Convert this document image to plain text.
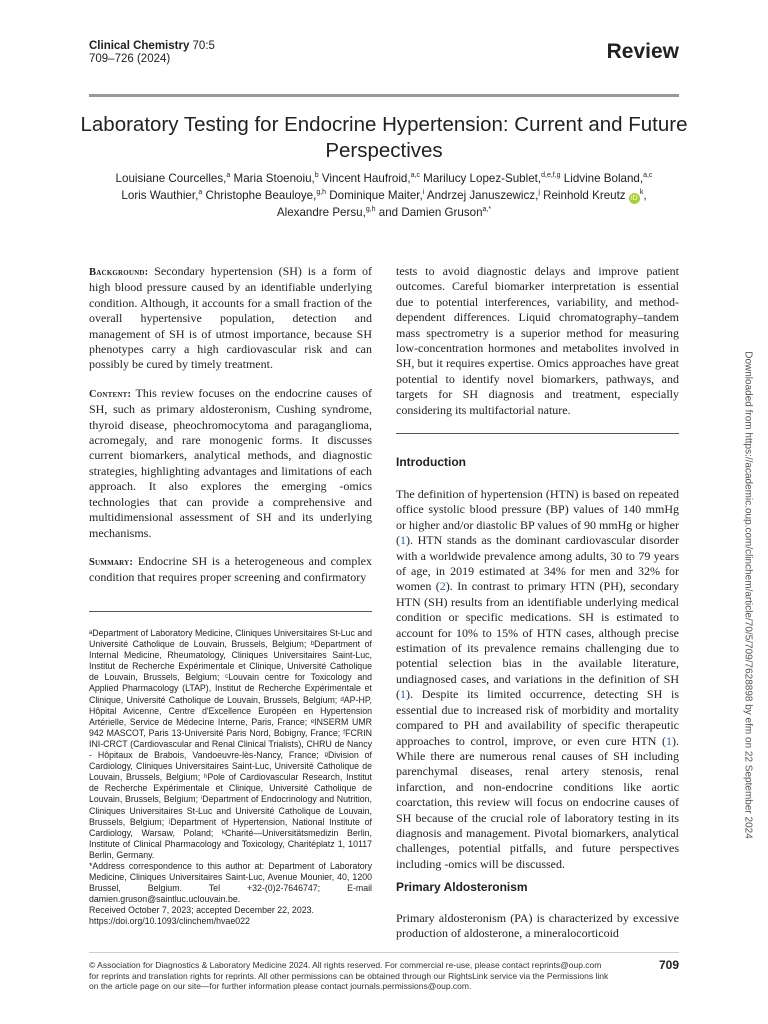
Clinical Chemistry 70:5
709–726 (2024)	Review
Laboratory Testing for Endocrine Hypertension: Current and Future Perspectives
Louisiane Courcelles,$^a$ Maria Stoenoiu,$^b$ Vincent Haufroid,$^{a,c}$ Marilucy Lopez-Sublet,$^{d,e,f,g}$ Lidvine Boland,$^{a,c}$
Loris Wauthier,$^a$ Christophe Beauloye,$^{g,h}$ Dominique Maiter,$^i$ Andrzej Januszewicz,$^j$ Reinhold Kreutz $iD^k$,
Alexandre Persu,$^{g,h}$ and Damien Gruson$^{a,*}$

Background: Secondary hypertension (SH) is a form of high blood pressure caused by an identifiable underlying condition. Although, it accounts for a small fraction of the overall hypertensive population, detection and management of SH is of utmost importance, because SH phenotypes carry a high cardiovascular risk and can possibly be cured by timely treatment.

Content: This review focuses on the endocrine causes of SH, such as primary aldosteronism, Cushing syndrome, thyroid disease, pheochromocytoma and paraganglioma, acromegaly, and rare monogenic forms. It discusses current biomarkers, analytical methods, and diagnostic strategies, highlighting advantages and limitations of each approach. It also explores the emerging -omics technologies that can provide a comprehensive and multidimensional assessment of SH and its underlying mechanisms.

Summary: Endocrine SH is a heterogeneous and complex condition that requires proper screening and confirmatory

ᵃDepartment of Laboratory Medicine, Cliniques Universitaires St-Luc and Université Catholique de Louvain, Brussels, Belgium; ᵇDepartment of Internal Medicine, Rheumatology, Cliniques Universitaires Saint-Luc, Institut de Recherche Expérimentale et Clinique, Université Catholique de Louvain, Brussels, Belgium; ᶜLouvain centre for Toxicology and Applied Pharmacology (LTAP), Institut de Recherche Expérimentale et Clinique, Université Catholique de Louvain, Brussels, Belgium; ᵈAP-HP, Hôpital Avicenne, Centre d'Excellence Européen en Hypertension Artérielle, Service de Médecine Interne, Paris, France; ᵉINSERM UMR 942 MASCOT, Paris 13-Université Paris Nord, Bobigny, France; ᶠFCRIN INI-CRCT (Cardiovascular and Renal Clinical Trialists), CHRU de Nancy - Hôpitaux de Brabois, Vandoeuvre-lès-Nancy, France; ᵍDivision of Cardiology, Cliniques Universitaires Saint-Luc, Université Catholique de Louvain, Brussels, Belgium; ʰPole of Cardiovascular Research, Institut de Recherche Expérimentale et Clinique, Université Catholique de Louvain, Brussels, Belgium; ⁱDepartment of Endocrinology and Nutrition, Cliniques Universitaires St-Luc and Université Catholique de Louvain, Brussels, Belgium; ʲDepartment of Hypertension, National Institute of Cardiology, Warsaw, Poland; ᵏCharité—Universitätsmedizin Berlin, Institute of Clinical Pharmacology and Toxicology, Charitéplatz 1, 10117 Berlin, Germany.
*Address correspondence to this author at: Department of Laboratory Medicine, Cliniques Universitaires Saint-Luc, Avenue Mounier, 40, 1200 Brussel, Belgium. Tel +32-(0)2-7646747; E-mail damien.gruson@saintluc.uclouvain.be.
Received October 7, 2023; accepted December 22, 2023.
https://doi.org/10.1093/clinchem/hvae022

tests to avoid diagnostic delays and improve patient outcomes. Careful biomarker interpretation is essential due to potential interferences, variability, and method-dependent differences. Liquid chromatography–tandem mass spectrometry is a superior method for measuring low-concentration hormones and metabolites involved in SH, but it requires expertise. Omics approaches have great potential to identify novel biomarkers, pathways, and targets for SH diagnosis and treatment, especially considering its multifactorial nature.

Introduction
The definition of hypertension (HTN) is based on repeated office systolic blood pressure (BP) values of 140 mmHg or higher and/or diastolic BP values of 90 mmHg or higher (1). HTN stands as the dominant cardiovascular disorder with a worldwide prevalence among adults, 30 to 79 years of age, in 2019 estimated at 34% for men and 32% for women (2). In contrast to primary HTN (PH), secondary HTN (SH) results from an identifiable underlying medical condition or specific medications. SH is estimated to account for 10% to 15% of HTN cases, although precise estimation of its prevalence remains challenging due to potential selection bias in the available literature, undiagnosed cases, and variations in the definition of SH (1). Despite its limited occurrence, detecting SH is essential due to increased risk of morbidity and mortality compared to PH and availability of specific therapeutic approaches to control, improve, or even cure HTN (1). While there are numerous renal causes of SH including parenchymal diseases, renal artery stenosis, renal infarction, and non-endocrine conditions like aortic coarctation, this review will focus on endocrine causes of SH because of the crucial role of laboratory testing in its diagnosis and management. Pivotal biomarkers, analytical challenges, potential pitfalls, and future perspectives including -omics will be discussed.
Primary Aldosteronism
Primary aldosteronism (PA) is characterized by excessive production of aldosterone, a mineralocorticoid
© Association for Diagnostics & Laboratory Medicine 2024. All rights reserved. For commercial re-use, please contact reprints@oup.com for reprints and translation rights for reprints. All other permissions can be obtained through our RightsLink service via the Permissions link on the article page on our site—for further information please contact journals.permissions@oup.com.
709
Downloaded from https://academic.oup.com/clinchem/article/70/5/709/7628898 by efm on 22 September 2024
